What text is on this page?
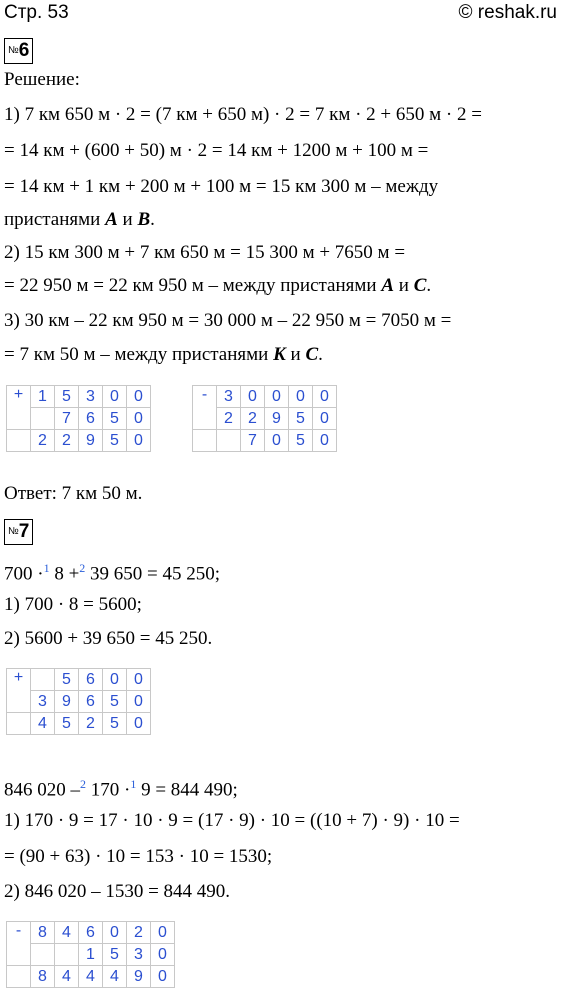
Стр. 53	© reshak.ru
№6
Решение:
1) 7 км 650 м · 2 = (7 км + 650 м) · 2 = 7 км · 2 + 650 м · 2 =
= 14 км + (600 + 50) м · 2 = 14 км + 1200 м + 100 м =
= 14 км + 1 км + 200 м + 100 м = 15 км 300 м – между
пристанями A и B.
2) 15 км 300 м + 7 км 650 м = 15 300 м + 7650 м =
= 22 950 м = 22 км 950 м – между пристанями A и C.
3) 30 км – 22 км 950 м = 30 000 м – 22 950 м = 7050 м =
= 7 км 50 м – между пристанями K и C.
+	1	5	3	0	0
		7	6	5	0
	2	2	9	5	0
-	3	0	0	0	0
	2	2	9	5	0
		7	0	5	0
Ответ: 7 км 50 м.
№7
700 ·$^1$ 8 +$^2$ 39 650 = 45 250;
1) 700 · 8 = 5600;
2) 5600 + 39 650 = 45 250.
+		5	6	0	0
	3	9	6	5	0
	4	5	2	5	0
846 020 –$^2$ 170 ·$^1$ 9 = 844 490;
1) 170 · 9 = 17 · 10 · 9 = (17 · 9) · 10 = ((10 + 7) · 9) · 10 =
= (90 + 63) · 10 = 153 · 10 = 1530;
2) 846 020 – 1530 = 844 490.
-	8	4	6	0	2	0
			1	5	3	0
	8	4	4	4	9	0
